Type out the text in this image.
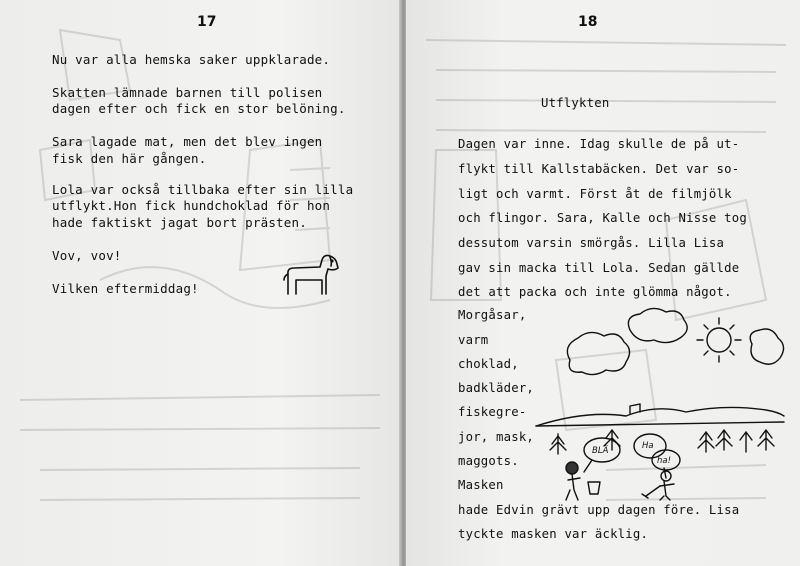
17
Nu var alla hemska saker uppklarade.
Skatten lämnade barnen till polisen
dagen efter och fick en stor belöning.
Sara lagade mat, men det blev ingen
fisk den här gången.
Lola var också tillbaka efter sin lilla
utflykt.Hon fick hundchoklad för hon
hade faktiskt jagat bort prästen.
Vov, vov!
Vilken eftermiddag!
18
Utflykten
Dagen var inne. Idag skulle de på ut-
flykt till Kallstabäcken. Det var so-
ligt och varmt. Först åt de filmjölk
och flingor. Sara, Kalle och Nisse tog
dessutom varsin smörgås. Lilla Lisa
gav sin macka till Lola. Sedan gällde
det att packa och inte glömma något.
Morgåsar,
varm
choklad,
badkläder,
fiskegre-
jor, mask,
maggots.
Masken
hade Edvin grävt upp dagen före. Lisa
tyckte masken var äcklig.
BLÄ	Ha
ha!
